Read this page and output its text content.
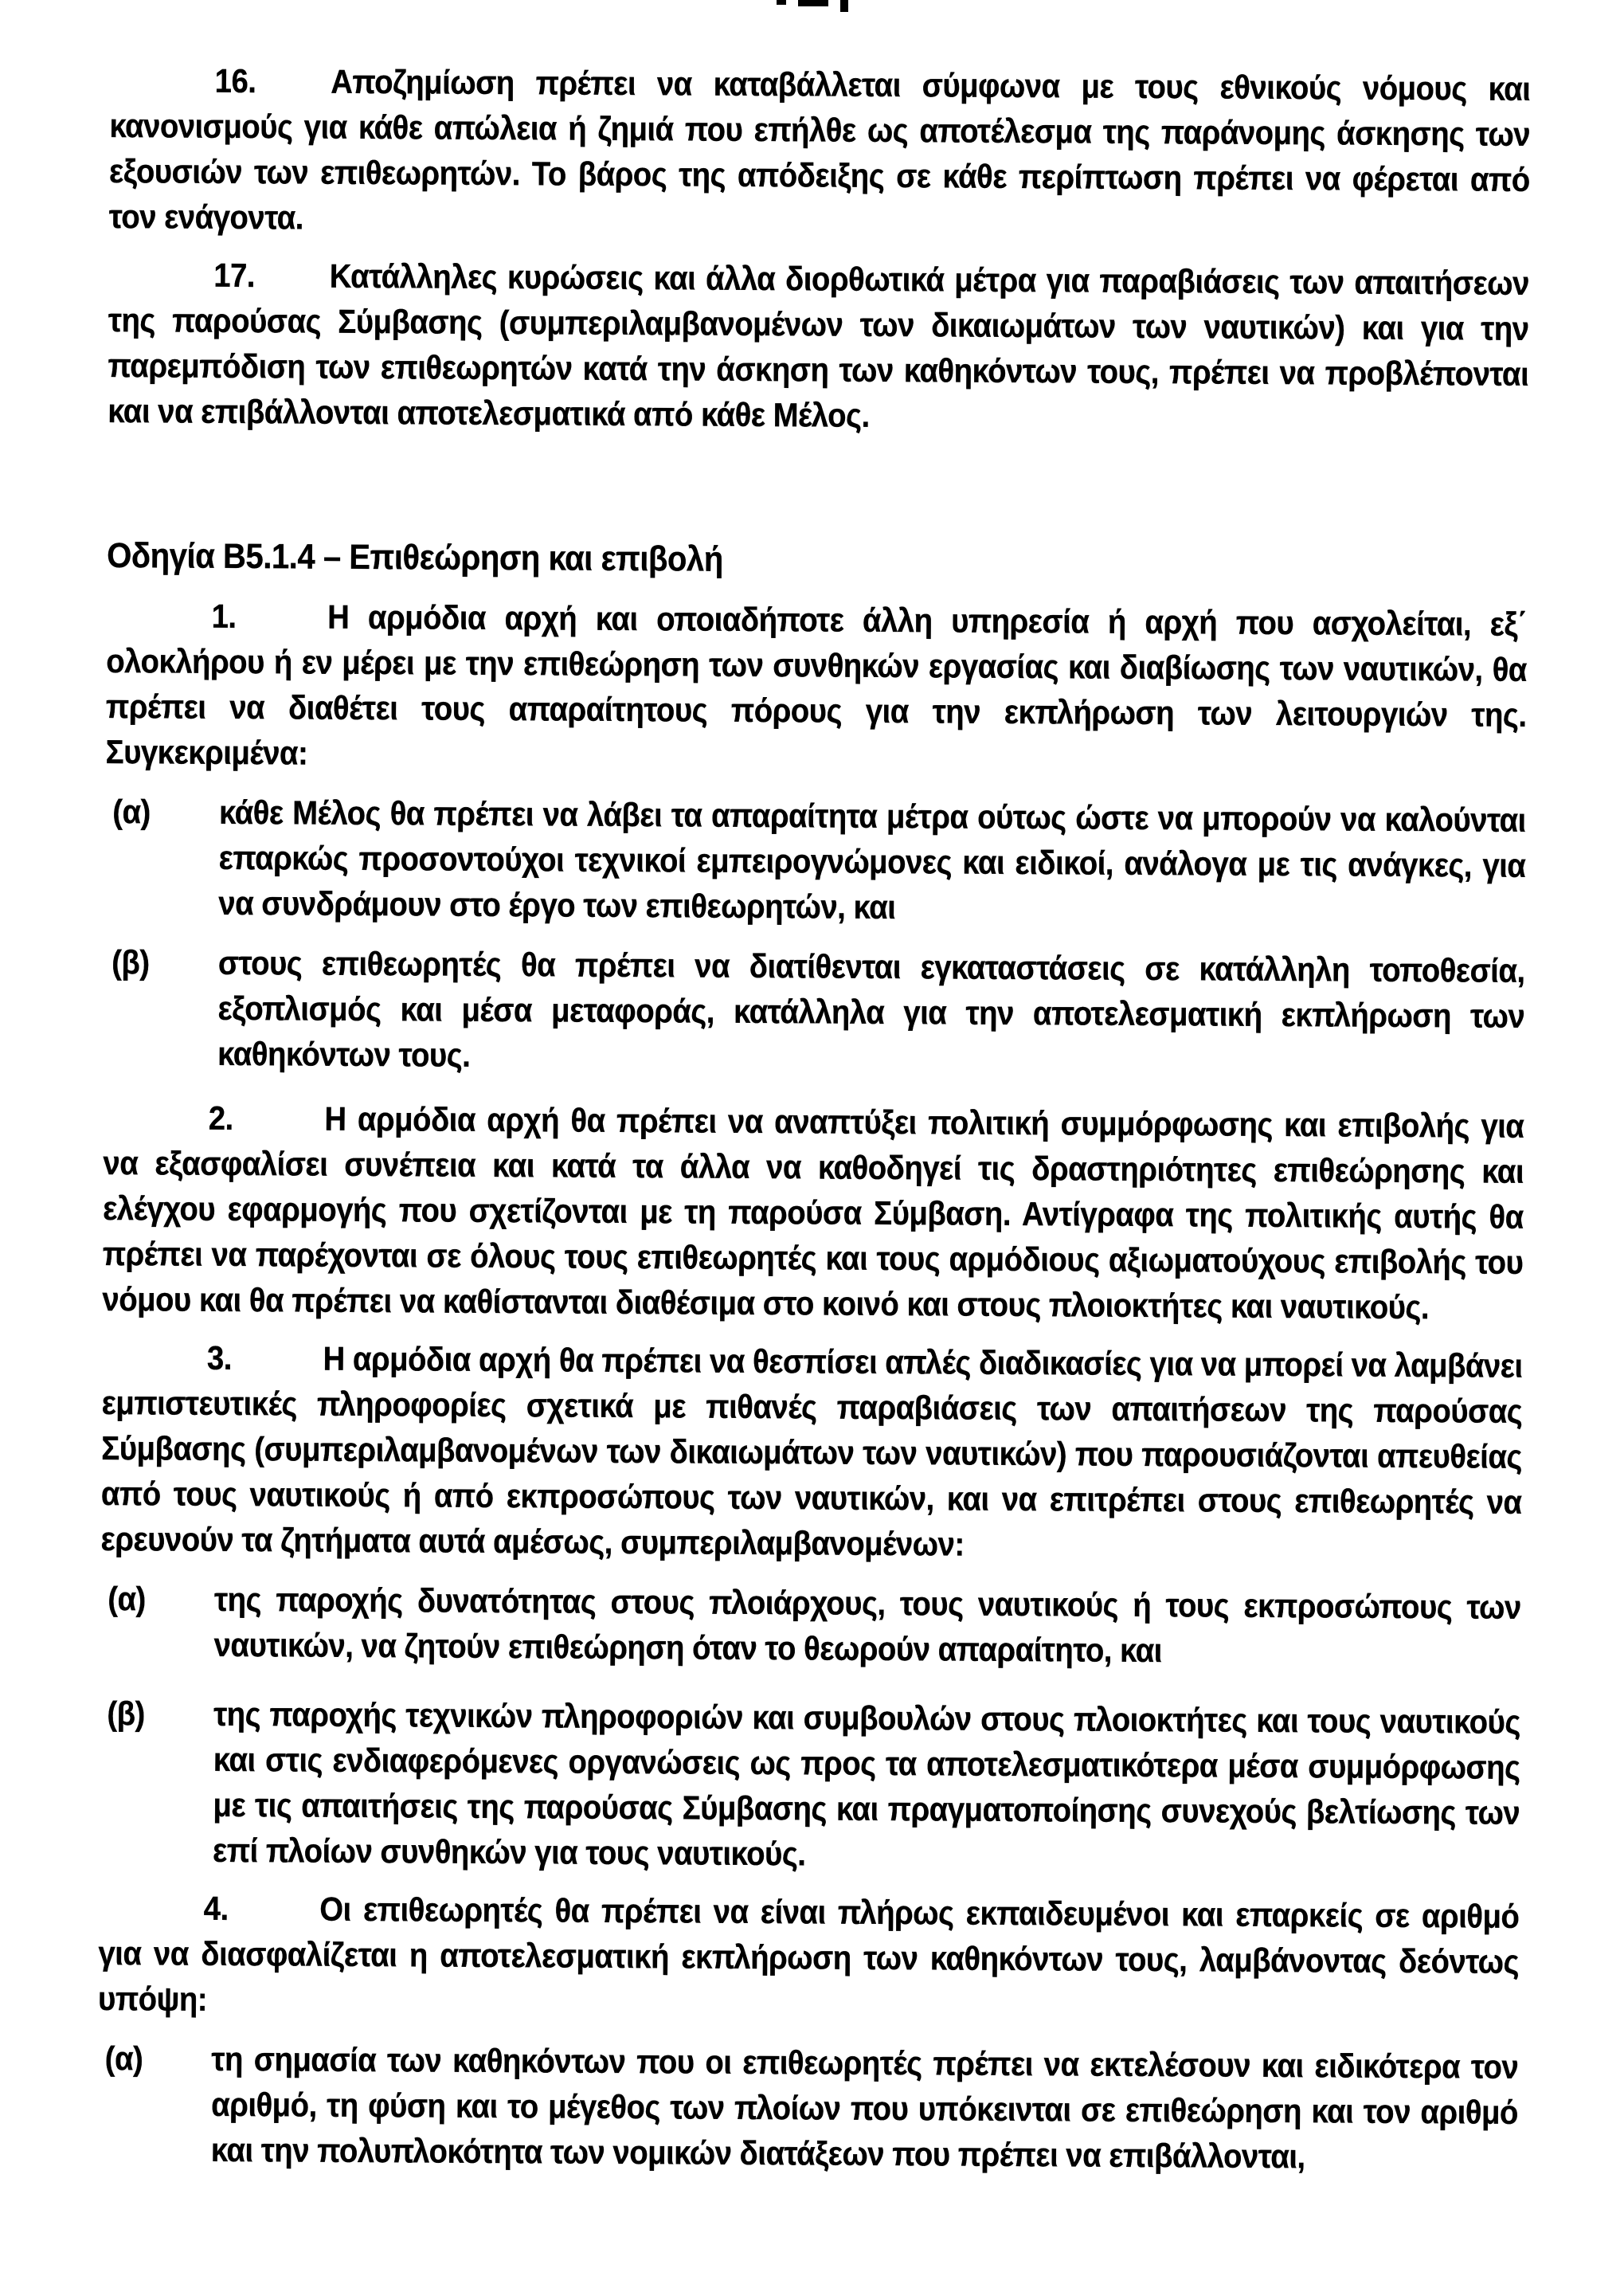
16. Αποζημίωση πρέπει να καταβάλλεται σύμφωνα με τους εθνικούς νόμους και κανονισμούς για κάθε απώλεια ή ζημιά που επήλθε ως αποτέλεσμα της παράνομης άσκησης των εξουσιών των επιθεωρητών. Το βάρος της απόδειξης σε κάθε περίπτωση πρέπει να φέρεται από τον ενάγοντα.

17. Κατάλληλες κυρώσεις και άλλα διορθωτικά μέτρα για παραβιάσεις των απαιτήσεων της παρούσας Σύμβασης (συμπεριλαμβανομένων των δικαιωμάτων των ναυτικών) και για την παρεμπόδιση των επιθεωρητών κατά την άσκηση των καθηκόντων τους, πρέπει να προβλέπονται και να επιβάλλονται αποτελεσματικά από κάθε Μέλος.

Οδηγία Β5.1.4 – Επιθεώρηση και επιβολή

1.	Η αρμόδια αρχή και οποιαδήποτε άλλη υπηρεσία ή αρχή που ασχολείται, εξ΄ ολοκλήρου ή εν μέρει με την επιθεώρηση των συνθηκών εργασίας και διαβίωσης των ναυτικών, θα πρέπει να διαθέτει τους απαραίτητους πόρους για την εκπλήρωση των λειτουργιών της. Συγκεκριμένα:

(α) κάθε Μέλος θα πρέπει να λάβει τα απαραίτητα μέτρα ούτως ώστε να μπορούν να καλούνται επαρκώς προσοντούχοι τεχνικοί εμπειρογνώμονες και ειδικοί, ανάλογα με τις ανάγκες, για να συνδράμουν στο έργο των επιθεωρητών, και
(β) στους επιθεωρητές θα πρέπει να διατίθενται εγκαταστάσεις σε κατάλληλη τοποθεσία, εξοπλισμός και μέσα μεταφοράς, κατάλληλα για την αποτελεσματική εκπλήρωση των καθηκόντων τους.

2.	Η αρμόδια αρχή θα πρέπει να αναπτύξει πολιτική συμμόρφωσης και επιβολής για να εξασφαλίσει συνέπεια και κατά τα άλλα να καθοδηγεί τις δραστηριότητες επιθεώρησης και ελέγχου εφαρμογής που σχετίζονται με τη παρούσα Σύμβαση. Αντίγραφα της πολιτικής αυτής θα πρέπει να παρέχονται σε όλους τους επιθεωρητές και τους αρμόδιους αξιωματούχους επιβολής του νόμου και θα πρέπει να καθίστανται διαθέσιμα στο κοινό και στους πλοιοκτήτες και ναυτικούς.

3.	Η αρμόδια αρχή θα πρέπει να θεσπίσει απλές διαδικασίες για να μπορεί να λαμβάνει εμπιστευτικές πληροφορίες σχετικά με πιθανές παραβιάσεις των απαιτήσεων της παρούσας Σύμβασης (συμπεριλαμβανομένων των δικαιωμάτων των ναυτικών) που παρουσιάζονται απευθείας από τους ναυτικούς ή από εκπροσώπους των ναυτικών, και να επιτρέπει στους επιθεωρητές να ερευνούν τα ζητήματα αυτά αμέσως, συμπεριλαμβανομένων:

(α) της παροχής δυνατότητας στους πλοιάρχους, τους ναυτικούς ή τους εκπροσώπους των ναυτικών, να ζητούν επιθεώρηση όταν το θεωρούν απαραίτητο, και
(β) της παροχής τεχνικών πληροφοριών και συμβουλών στους πλοιοκτήτες και τους ναυτικούς και στις ενδιαφερόμενες οργανώσεις ως προς τα αποτελεσματικότερα μέσα συμμόρφωσης με τις απαιτήσεις της παρούσας Σύμβασης και πραγματοποίησης συνεχούς βελτίωσης των επί πλοίων συνθηκών για τους ναυτικούς.

4.	Οι επιθεωρητές θα πρέπει να είναι πλήρως εκπαιδευμένοι και επαρκείς σε αριθμό για να διασφαλίζεται η αποτελεσματική εκπλήρωση των καθηκόντων τους, λαμβάνοντας δεόντως υπόψη:

(α) τη σημασία των καθηκόντων που οι επιθεωρητές πρέπει να εκτελέσουν και ειδικότερα τον αριθμό, τη φύση και το μέγεθος των πλοίων που υπόκεινται σε επιθεώρηση και τον αριθμό και την πολυπλοκότητα των νομικών διατάξεων που πρέπει να επιβάλλονται,
